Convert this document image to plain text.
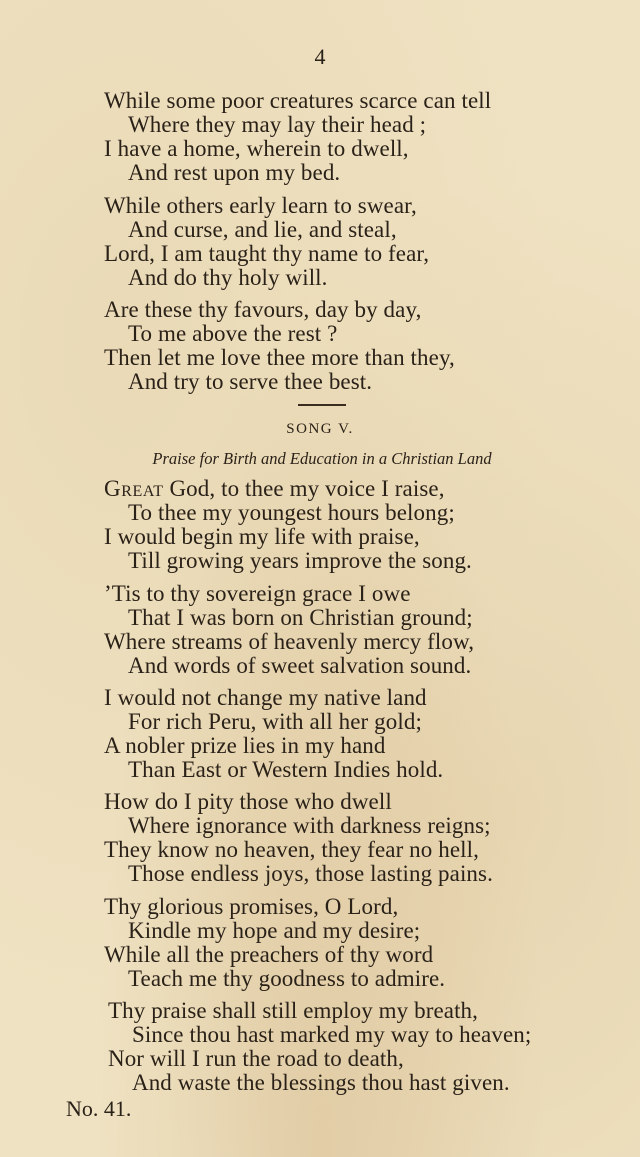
4
While some poor creatures scarce can tell
Where they may lay their head ;
I have a home, wherein to dwell,
And rest upon my bed.
While others early learn to swear,
And curse, and lie, and steal,
Lord, I am taught thy name to fear,
And do thy holy will.
Are these thy favours, day by day,
To me above the rest ?
Then let me love thee more than they,
And try to serve thee best.
SONG V.
Praise for Birth and Education in a Christian Land
Great God, to thee my voice I raise,
To thee my youngest hours belong;
I would begin my life with praise,
Till growing years improve the song.
’Tis to thy sovereign grace I owe
That I was born on Christian ground;
Where streams of heavenly mercy flow,
And words of sweet salvation sound.
I would not change my native land
For rich Peru, with all her gold;
A nobler prize lies in my hand
Than East or Western Indies hold.
How do I pity those who dwell
Where ignorance with darkness reigns;
They know no heaven, they fear no hell,
Those endless joys, those lasting pains.
Thy glorious promises, O Lord,
Kindle my hope and my desire;
While all the preachers of thy word
Teach me thy goodness to admire.
Thy praise shall still employ my breath,
Since thou hast marked my way to heaven;
Nor will I run the road to death,
And waste the blessings thou hast given.
No. 41.
